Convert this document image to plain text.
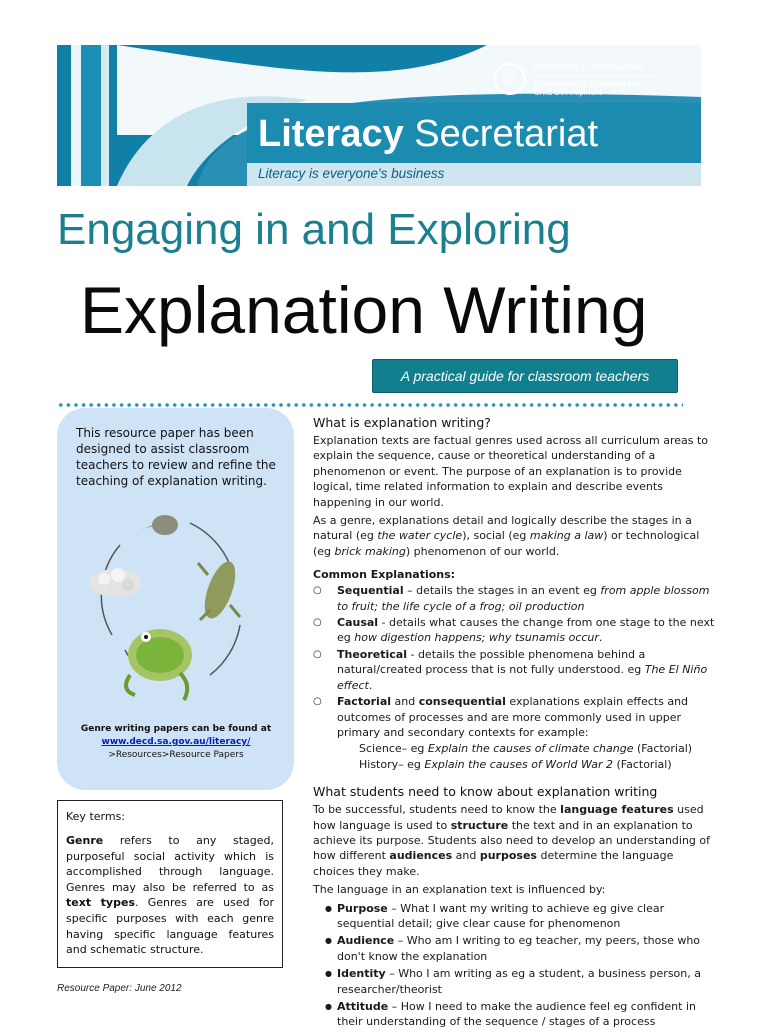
♔
Government of South Australia
Department for Education and
Child Development
Literacy Secretariat
Literacy is everyone's business
Engaging in and Exploring
Explanation Writing
A practical guide for classroom teachers
This resource paper has been designed to assist classroom teachers to review and refine the teaching of explanation writing.
Genre writing papers can be found at
www.decd.sa.gov.au/literacy/
>Resources>Resource Papers
Key terms:

Genre refers to any staged, purposeful social activity which is accomplished through language. Genres may also be referred to as text types. Genres are used for specific purposes with each genre having specific language features and schematic structure.

Resource Paper: June 2012
What is explanation writing?

Explanation texts are factual genres used across all curriculum areas to explain the sequence, cause or theoretical understanding of a phenomenon or event. The purpose of an explanation is to provide logical, time related information to explain and describe events happening in our world.

As a genre, explanations detail and logically describe the stages in a natural (eg the water cycle), social (eg making a law) or technological (eg brick making) phenomenon of our world.

Common Explanations:
○ Sequential – details the stages in an event eg from apple blossom to fruit; the life cycle of a frog; oil production
○ Causal - details what causes the change from one stage to the next eg how digestion happens; why tsunamis occur.
○ Theoretical - details the possible phenomena behind a natural/created process that is not fully understood. eg The El Niño effect.
○ Factorial and consequential explanations explain effects and outcomes of processes and are more commonly used in upper primary and secondary contexts for example:
Science– eg Explain the causes of climate change (Factorial)
History– eg Explain the causes of World War 2 (Factorial)
What students need to know about explanation writing

To be successful, students need to know the language features used how language is used to structure the text and in an explanation to achieve its purpose. Students also need to develop an understanding of how different audiences and purposes determine the language choices they make.

The language in an explanation text is influenced by:

● Purpose – What I want my writing to achieve eg give clear sequential detail; give clear cause for phenomenon
● Audience – Who am I writing to eg teacher, my peers, those who don't know the explanation
● Identity – Who I am writing as eg a student, a business person, a researcher/theorist
● Attitude – How I need to make the audience feel eg confident in their understanding of the sequence / stages of a process
